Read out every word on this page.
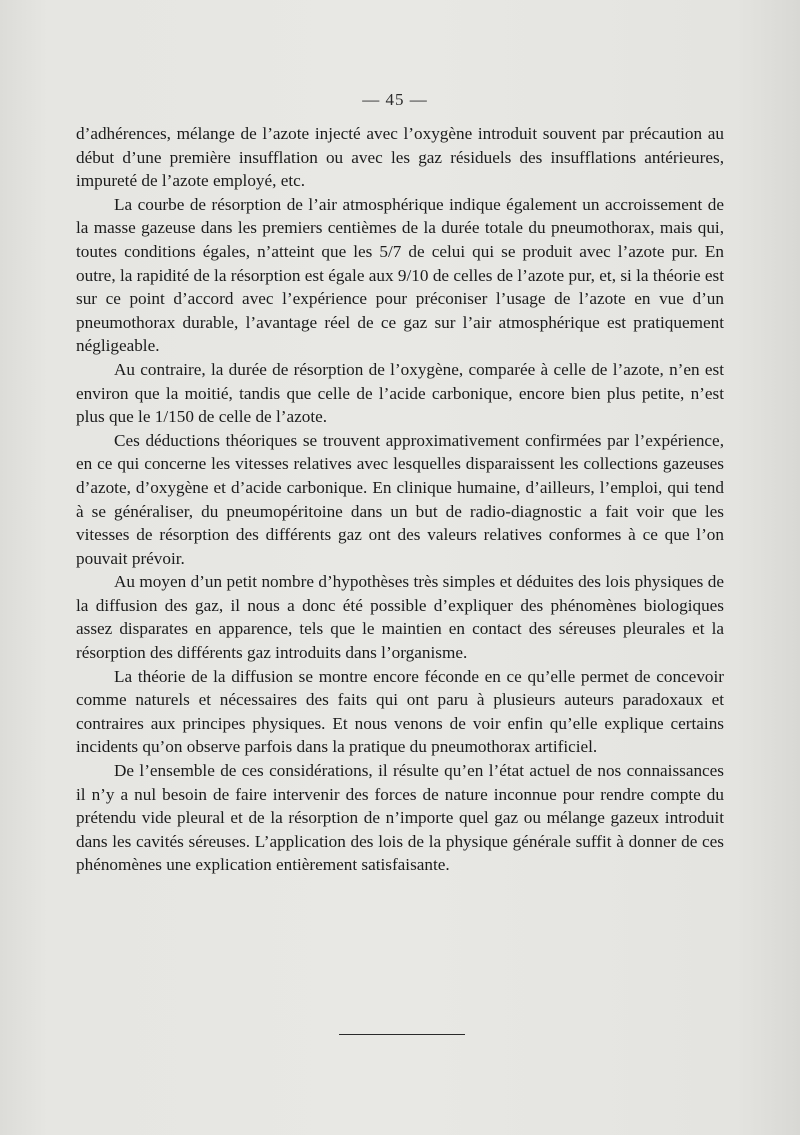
— 45 —

d’adhérences, mélange de l’azote injecté avec l’oxygène introduit souvent par précaution au début d’une première insufflation ou avec les gaz résiduels des insufflations antérieures, impureté de l’azote employé, etc.

La courbe de résorption de l’air atmosphérique indique également un accroissement de la masse gazeuse dans les premiers centièmes de la durée totale du pneumothorax, mais qui, toutes conditions égales, n’atteint que les 5/7 de celui qui se produit avec l’azote pur. En outre, la rapidité de la résorption est égale aux 9/10 de celles de l’azote pur, et, si la théorie est sur ce point d’accord avec l’expérience pour préconiser l’usage de l’azote en vue d’un pneumothorax durable, l’avantage réel de ce gaz sur l’air atmosphérique est pratiquement négligeable.

Au contraire, la durée de résorption de l’oxygène, comparée à celle de l’azote, n’en est environ que la moitié, tandis que celle de l’acide carbonique, encore bien plus petite, n’est plus que le 1/150 de celle de l’azote.

Ces déductions théoriques se trouvent approximativement confirmées par l’expérience, en ce qui concerne les vitesses relatives avec lesquelles disparaissent les collections gazeuses d’azote, d’oxygène et d’acide carbonique. En clinique humaine, d’ailleurs, l’emploi, qui tend à se généraliser, du pneumopéritoine dans un but de radio-diagnostic a fait voir que les vitesses de résorption des différents gaz ont des valeurs relatives conformes à ce que l’on pouvait prévoir.

Au moyen d’un petit nombre d’hypothèses très simples et déduites des lois physiques de la diffusion des gaz, il nous a donc été possible d’expliquer des phénomènes biologiques assez disparates en apparence, tels que le maintien en contact des séreuses pleurales et la résorption des différents gaz introduits dans l’organisme.

La théorie de la diffusion se montre encore féconde en ce qu’elle permet de concevoir comme naturels et nécessaires des faits qui ont paru à plusieurs auteurs paradoxaux et contraires aux principes physiques. Et nous venons de voir enfin qu’elle explique certains incidents qu’on observe parfois dans la pratique du pneumothorax artificiel.

De l’ensemble de ces considérations, il résulte qu’en l’état actuel de nos connaissances il n’y a nul besoin de faire intervenir des forces de nature inconnue pour rendre compte du prétendu vide pleural et de la résorption de n’importe quel gaz ou mélange gazeux introduit dans les cavités séreuses. L’application des lois de la physique générale suffit à donner de ces phénomènes une explication entièrement satisfaisante.
